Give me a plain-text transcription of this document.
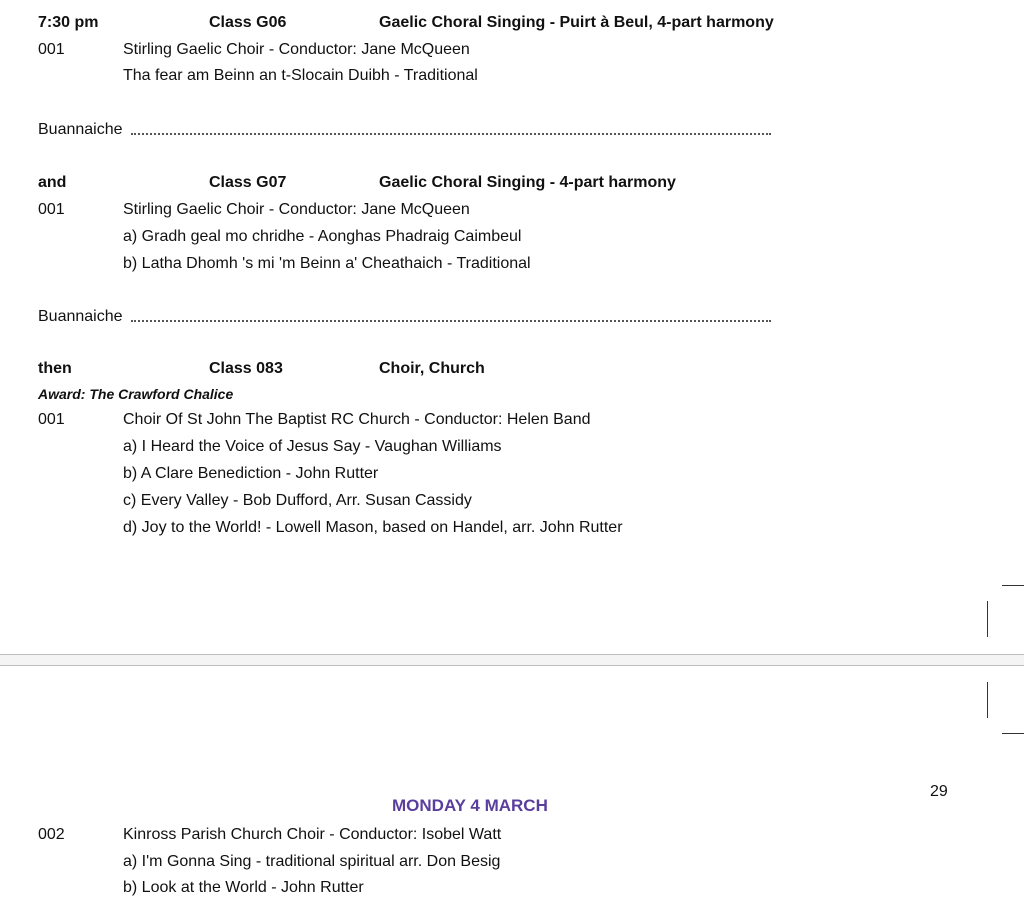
7:30 pm	Class G06	Gaelic Choral Singing - Puirt à Beul, 4-part harmony
001	Stirling Gaelic Choir - Conductor: Jane McQueen
Tha fear am Beinn an t-Slocain Duibh - Traditional
Buannaiche
and	Class G07	Gaelic Choral Singing - 4-part harmony
001	Stirling Gaelic Choir - Conductor: Jane McQueen
a) Gradh geal mo chridhe - Aonghas Phadraig Caimbeul
b) Latha Dhomh 's mi 'm Beinn a' Cheathaich - Traditional
Buannaiche
then	Class 083	Choir, Church
Award: The Crawford Chalice
001	Choir Of St John The Baptist RC Church - Conductor: Helen Band
a) I Heard the Voice of Jesus Say - Vaughan Williams
b) A Clare Benediction - John Rutter
c) Every Valley - Bob Dufford, Arr. Susan Cassidy
d) Joy to the World! - Lowell Mason, based on Handel, arr. John Rutter
29
MONDAY 4 MARCH
002	Kinross Parish Church Choir - Conductor: Isobel Watt
a) I'm Gonna Sing - traditional spiritual arr. Don Besig
b) Look at the World - John Rutter
